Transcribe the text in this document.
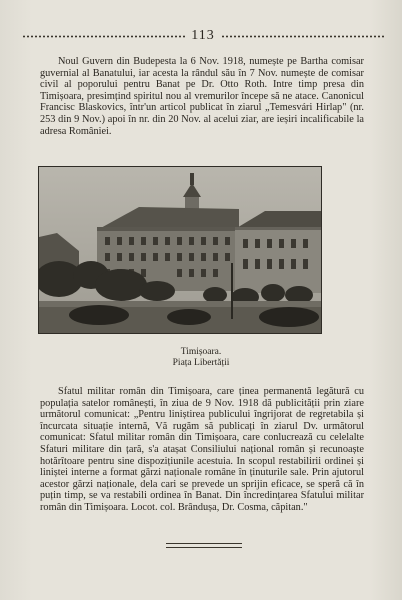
113

Noul Guvern din Budepesta la 6 Nov. 1918, numește pe Bartha comisar guvernial al Banatului, iar acesta la rândul său în 7 Nov. numește de comisar civil al poporului pentru Banat pe Dr. Otto Roth. Intre timp presa din Timișoara, presimțind spiritul nou al vremurilor începe să ne atace. Canonicul Francisc Blaskovics, într'un articol publicat în ziarul „Temesvári Hirlap" (nr. 253 din 9 Nov.) apoi în nr. din 20 Nov. al acelui ziar, are ieșiri incalificabile la adresa României.

Timișoara.
Piața Libertății

Sfatul militar român din Timișoara, care ținea permanentă legătură cu populația satelor românești, în ziua de 9 Nov. 1918 dă publicității prin ziare următorul comunicat: „Pentru liniștirea publicului îngrijorat de regretabila și încurcata situație internă, Vă rugăm să publicați în ziarul Dv. următorul comunicat: Sfatul militar român din Timișoara, care conlucrează cu celelalte Sfaturi militare din țară, s'a atașat Consiliului național român și recunoaște hotărîtoare pentru sine dispozițiunile acestuia. In scopul restabilirii ordinei și liniștei interne a format gărzi naționale române în ținuturile sale. Prin ajutorul acestor gărzi naționale, dela cari se prevede un sprijin eficace, se speră că în puțin timp, se va restabili ordinea în Banat. Din încredințarea Sfatului militar român din Timișoara. Locot. col. Brândușa, Dr. Cosma, căpitan."
